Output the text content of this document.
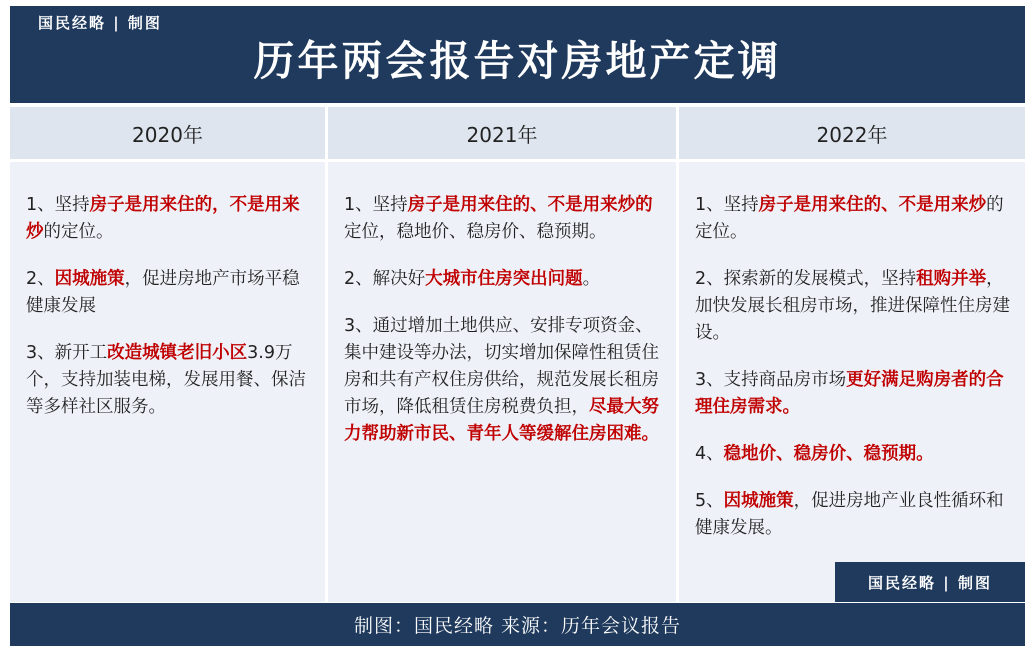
国民经略 | 制图
历年两会报告对房地产定调
2020年
1、坚持房子是用来住的，不是用来炒的定位。
2、因城施策，促进房地产市场平稳健康发展
3、新开工改造城镇老旧小区3.9万个，支持加装电梯，发展用餐、保洁等多样社区服务。
2021年
1、坚持房子是用来住的、不是用来炒的定位，稳地价、稳房价、稳预期。
2、解决好大城市住房突出问题。
3、通过增加土地供应、安排专项资金、集中建设等办法，切实增加保障性租赁住房和共有产权住房供给，规范发展长租房市场，降低租赁住房税费负担，尽最大努力帮助新市民、青年人等缓解住房困难。
2022年
1、坚持房子是用来住的、不是用来炒的定位。
2、探索新的发展模式，坚持租购并举，加快发展长租房市场，推进保障性住房建设。
3、支持商品房市场更好满足购房者的合理住房需求。
4、稳地价、稳房价、稳预期。
5、因城施策，促进房地产业良性循环和健康发展。
国民经略 | 制图
制图：国民经略 来源：历年会议报告
